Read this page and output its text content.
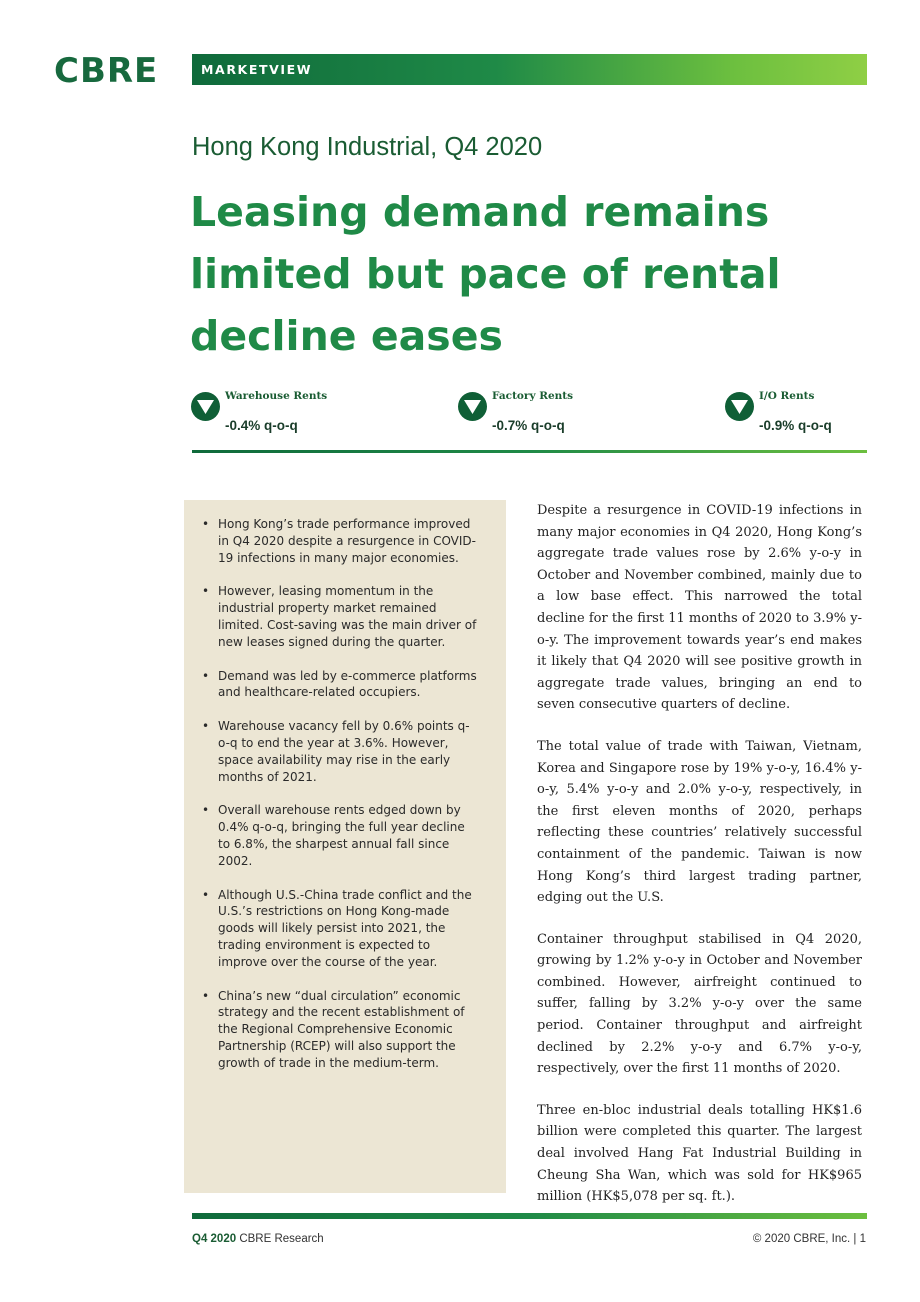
CBRE	MARKETVIEW
Hong Kong Industrial, Q4 2020
Leasing demand remains limited but pace of rental decline eases
Warehouse Rents
-0.4% q-o-q
Factory Rents
-0.7% q-o-q
I/O Rents
-0.9% q-o-q
• Hong Kong’s trade performance improved in Q4 2020 despite a resurgence in COVID-19 infections in many major economies.
• However, leasing momentum in the industrial property market remained limited. Cost-saving was the main driver of new leases signed during the quarter.
• Demand was led by e-commerce platforms and healthcare-related occupiers.
• Warehouse vacancy fell by 0.6% points q-o-q to end the year at 3.6%. However, space availability may rise in the early months of 2021.
• Overall warehouse rents edged down by 0.4% q-o-q, bringing the full year decline to 6.8%, the sharpest annual fall since 2002.
• Although U.S.-China trade conflict and the U.S.’s restrictions on Hong Kong-made goods will likely persist into 2021, the trading environment is expected to improve over the course of the year.
• China’s new “dual circulation” economic strategy and the recent establishment of the Regional Comprehensive Economic Partnership (RCEP) will also support the growth of trade in the medium-term.

Despite a resurgence in COVID-19 infections in many major economies in Q4 2020, Hong Kong’s aggregate trade values rose by 2.6% y-o-y in October and November combined, mainly due to a low base effect. This narrowed the total decline for the first 11 months of 2020 to 3.9% y-o-y. The improvement towards year’s end makes it likely that Q4 2020 will see positive growth in aggregate trade values, bringing an end to seven consecutive quarters of decline.

The total value of trade with Taiwan, Vietnam, Korea and Singapore rose by 19% y-o-y, 16.4% y-o-y, 5.4% y-o-y and 2.0% y-o-y, respectively, in the first eleven months of 2020, perhaps reflecting these countries’ relatively successful containment of the pandemic. Taiwan is now Hong Kong’s third largest trading partner, edging out the U.S.

Container throughput stabilised in Q4 2020, growing by 1.2% y-o-y in October and November combined. However, airfreight continued to suffer, falling by 3.2% y-o-y over the same period. Container throughput and airfreight declined by 2.2% y-o-y and 6.7% y-o-y, respectively, over the first 11 months of 2020.

Three en-bloc industrial deals totalling HK$1.6 billion were completed this quarter. The largest deal involved Hang Fat Industrial Building in Cheung Sha Wan, which was sold for HK$965 million (HK$5,078 per sq. ft.).

Q4 2020 CBRE Research	© 2020 CBRE, Inc. | 1
